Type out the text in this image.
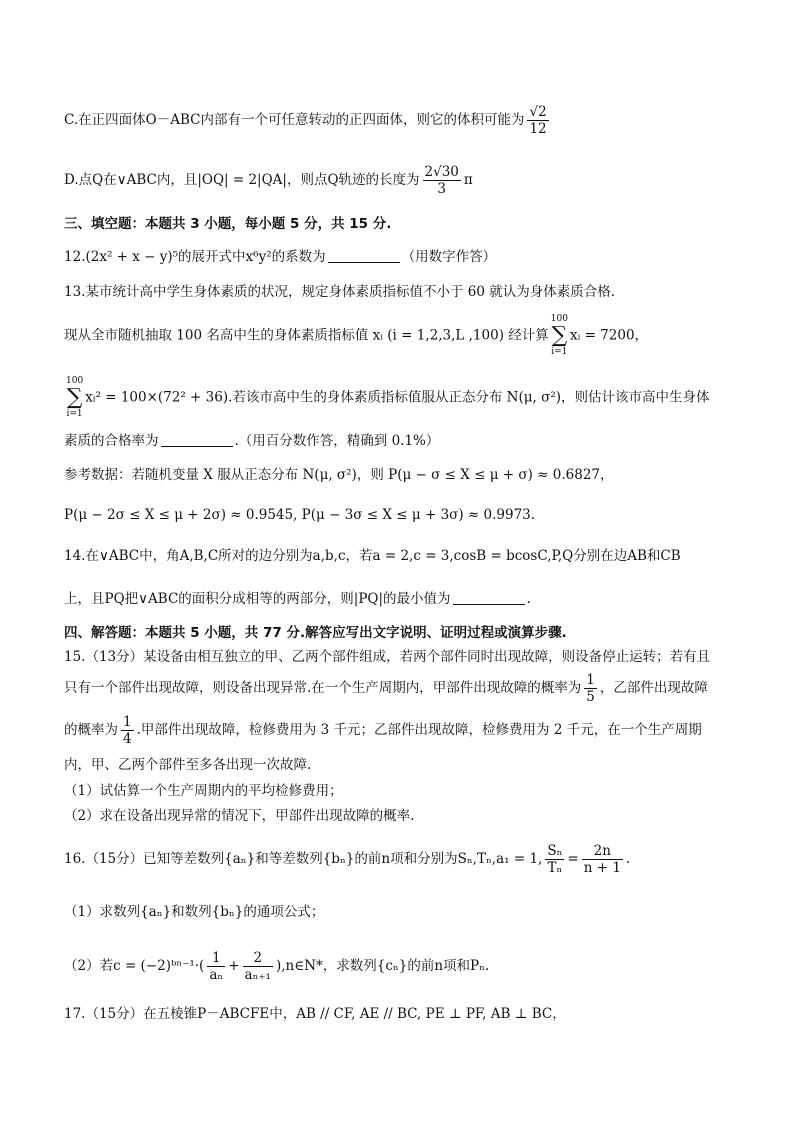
C.在正四面体O－ABC内部有一个可任意转动的正四面体，则它的体积可能为 $\frac{√2}{12}$
D.点Q在∨ABC内，且|OQ| = 2|QA|，则点Q轨迹的长度为 $\frac{2√30}{3}$ π
三、填空题：本题共 3 小题，每小题 5 分，共 15 分.
12.(2x² + x − y)⁵的展开式中x⁶y²的系数为	（用数字作答）
13.某市统计高中学生身体素质的状况，规定身体素质指标值不小于 60 就认为身体素质合格.
现从全市随机抽取 100 名高中生的身体素质指标值 xᵢ (i = 1,2,3,L ,100) 经计算
100
∑
i=1
xᵢ = 7200，
100
∑
i=1
xᵢ² = 100×(72² + 36).若该市高中生的身体素质指标值服从正态分布 N(μ, σ²)，则估计该市高中生身体
素质的合格率为	.（用百分数作答，精确到 0.1%）
参考数据：若随机变量 X 服从正态分布 N(μ, σ²)，则 P(μ − σ ≤ X ≤ μ + σ) ≈ 0.6827，
P(μ − 2σ ≤ X ≤ μ + 2σ) ≈ 0.9545, P(μ − 3σ ≤ X ≤ μ + 3σ) ≈ 0.9973.
14.在∨ABC中，角A,B,C所对的边分别为a,b,c，若a = 2,c = 3,cosB = bcosC,P,Q分别在边AB和CB
上，且PQ把∨ABC的面积分成相等的两部分，则|PQ|的最小值为	.
四、解答题：本题共 5 小题，共 77 分.解答应写出文字说明、证明过程或演算步骤.
15.（13分）某设备由相互独立的甲、乙两个部件组成，若两个部件同时出现故障，则设备停止运转；若有且
只有一个部件出现故障，则设备出现异常.在一个生产周期内，甲部件出现故障的概率为 $\frac{1}{5}$ ，乙部件出现故障
的概率为 $\frac{1}{4}$ .甲部件出现故障，检修费用为 3 千元；乙部件出现故障，检修费用为 2 千元，在一个生产周期
内，甲、乙两个部件至多各出现一次故障.
（1）试估算一个生产周期内的平均检修费用；
（2）求在设备出现异常的情况下，甲部件出现故障的概率.
16.（15分）已知等差数列{aₙ}和等差数列{bₙ}的前n项和分别为Sₙ,Tₙ,a₁ = 1, $\frac{\text{Sₙ}}{\text{Tₙ}} = \frac{2n}{n + 1}$ .
（1）求数列{aₙ}和数列{bₙ}的通项公式；
（2）若c = (−2)ᵇⁿ⁻¹·( $\frac{1}{\text{aₙ}} + \frac{2}{\text{aₙ₊₁}}$ ),n∈N*，求数列{cₙ}的前n项和Pₙ.
17.（15分）在五棱锥P－ABCFE中，AB // CF, AE // BC, PE ⊥ PF, AB ⊥ BC，
